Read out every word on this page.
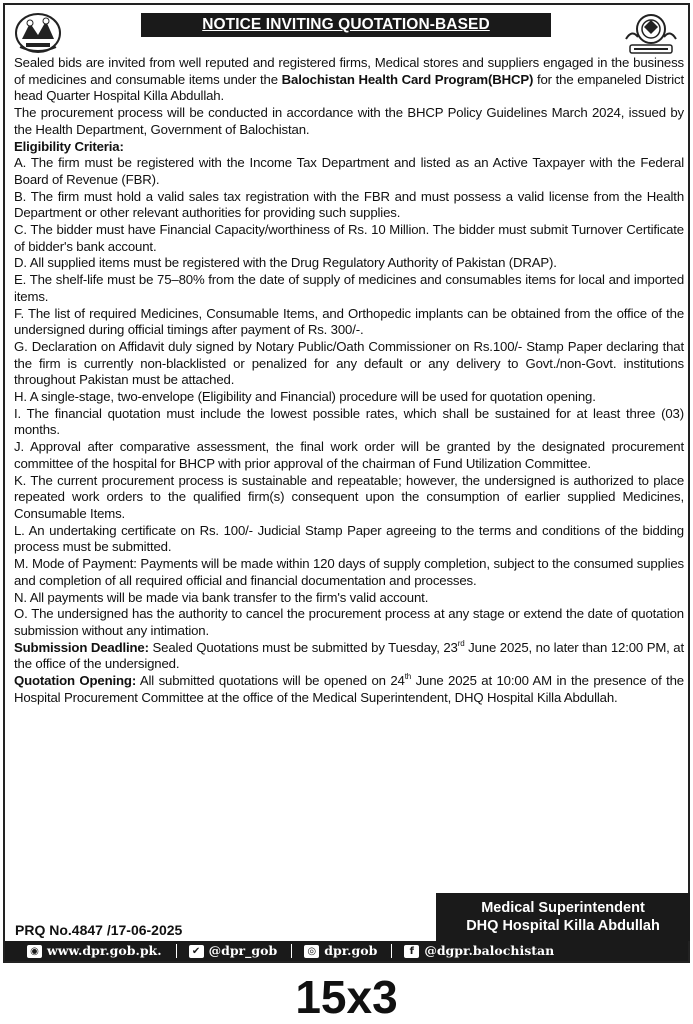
NOTICE INVITING QUOTATION-BASED PROCUREMENT

Sealed bids are invited from well reputed and registered firms, Medical stores and suppliers engaged in the business of medicines and consumable items under the Balochistan Health Card Program(BHCP) for the empaneled District head Quarter Hospital Killa Abdullah.

The procurement process will be conducted in accordance with the BHCP Policy Guidelines March 2024, issued by the Health Department, Government of Balochistan.

Eligibility Criteria:

A. The firm must be registered with the Income Tax Department and listed as an Active Taxpayer with the Federal Board of Revenue (FBR).

B. The firm must hold a valid sales tax registration with the FBR and must possess a valid license from the Health Department or other relevant authorities for providing such supplies.

C. The bidder must have Financial Capacity/worthiness of Rs. 10 Million. The bidder must submit Turnover Certificate of bidder's bank account.

D. All supplied items must be registered with the Drug Regulatory Authority of Pakistan (DRAP).

E. The shelf-life must be 75–80% from the date of supply of medicines and consumables items for local and imported items.

F. The list of required Medicines, Consumable Items, and Orthopedic implants can be obtained from the office of the undersigned during official timings after payment of Rs. 300/-.

G. Declaration on Affidavit duly signed by Notary Public/Oath Commissioner on Rs.100/- Stamp Paper declaring that the firm is currently non-blacklisted or penalized for any default or any delivery to Govt./non-Govt. institutions throughout Pakistan must be attached.

H. A single-stage, two-envelope (Eligibility and Financial) procedure will be used for quotation opening.

I. The financial quotation must include the lowest possible rates, which shall be sustained for at least three (03) months.

J. Approval after comparative assessment, the final work order will be granted by the designated procurement committee of the hospital for BHCP with prior approval of the chairman of Fund Utilization Committee.

K. The current procurement process is sustainable and repeatable; however, the undersigned is authorized to place repeated work orders to the qualified firm(s) consequent upon the consumption of earlier supplied Medicines, Consumable Items.

L. An undertaking certificate on Rs. 100/- Judicial Stamp Paper agreeing to the terms and conditions of the bidding process must be submitted.

M. Mode of Payment: Payments will be made within 120 days of supply completion, subject to the consumed supplies and completion of all required official and financial documentation and processes.

N. All payments will be made via bank transfer to the firm's valid account.

O. The undersigned has the authority to cancel the procurement process at any stage or extend the date of quotation submission without any intimation.

Submission Deadline: Sealed Quotations must be submitted by Tuesday, 23rd June 2025, no later than 12:00 PM, at the office of the undersigned.

Quotation Opening: All submitted quotations will be opened on 24th June 2025 at 10:00 AM in the presence of the Hospital Procurement Committee at the office of the Medical Superintendent, DHQ Hospital Killa Abdullah.

PRQ No.4847 /17-06-2025
Medical Superintendent
DHQ Hospital Killa Abdullah
◉ www.dpr.gob.pk.	✔ @dpr_gob	◎ dpr.gob	f @dgpr.balochistan
15x3
